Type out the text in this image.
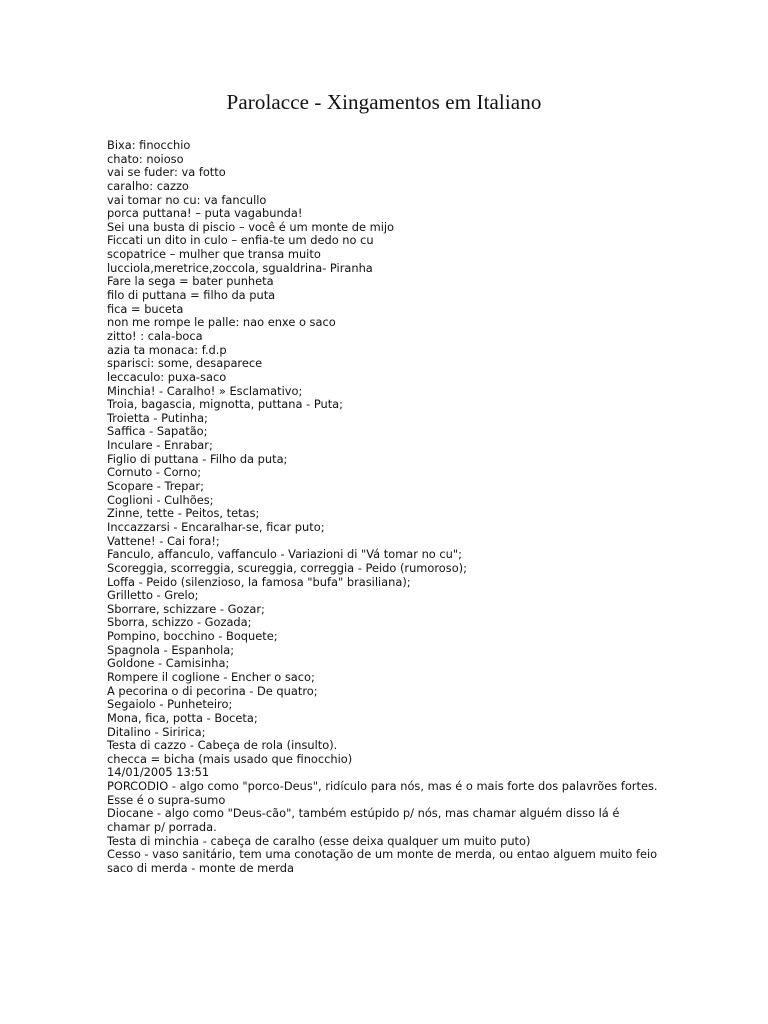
Parolacce - Xingamentos em Italiano
Bixa: finocchio
chato: noioso
vai se fuder: va fotto
caralho: cazzo
vai tomar no cu: va fancullo
porca puttana! – puta vagabunda!
Sei una busta di piscio – você é um monte de mijo
Ficcati un dito in culo – enfia-te um dedo no cu
scopatrice – mulher que transa muito
lucciola,meretrice,zoccola, sgualdrina- Piranha
Fare la sega = bater punheta
filo di puttana = filho da puta
fica = buceta
non me rompe le palle: nao enxe o saco
zitto! : cala-boca
azia ta monaca: f.d.p
sparisci: some, desaparece
leccaculo: puxa-saco
Minchia! - Caralho! » Esclamativo;
Troia, bagascia, mignotta, puttana - Puta;
Troietta - Putinha;
Saffica - Sapatão;
Inculare - Enrabar;
Figlio di puttana - Filho da puta;
Cornuto - Corno;
Scopare - Trepar;
Coglioni - Culhões;
Zinne, tette - Peitos, tetas;
Inccazzarsi - Encaralhar-se, ficar puto;
Vattene! - Cai fora!;
Fanculo, affanculo, vaffanculo - Variazioni di "Vá tomar no cu";
Scoreggia, scorreggia, scureggia, correggia - Peido (rumoroso);
Loffa - Peido (silenzioso, la famosa "bufa" brasiliana);
Grilletto - Grelo;
Sborrare, schizzare - Gozar;
Sborra, schizzo - Gozada;
Pompino, bocchino - Boquete;
Spagnola - Espanhola;
Goldone - Camisinha;
Rompere il coglione - Encher o saco;
A pecorina o di pecorina - De quatro;
Segaiolo - Punheteiro;
Mona, fica, potta - Boceta;
Ditalino - Siririca;
Testa di cazzo - Cabeça de rola (insulto).
checca = bicha (mais usado que finocchio)
14/01/2005 13:51
PORCODIO - algo como "porco-Deus", ridículo para nós, mas é o mais forte dos palavrões fortes.
Esse é o supra-sumo
Diocane - algo como "Deus-cão", também estúpido p/ nós, mas chamar alguém disso lá é
chamar p/ porrada.
Testa di minchia - cabeça de caralho (esse deixa qualquer um muito puto)
Cesso - vaso sanitário, tem uma conotação de um monte de merda, ou entao alguem muito feio
saco di merda - monte de merda
